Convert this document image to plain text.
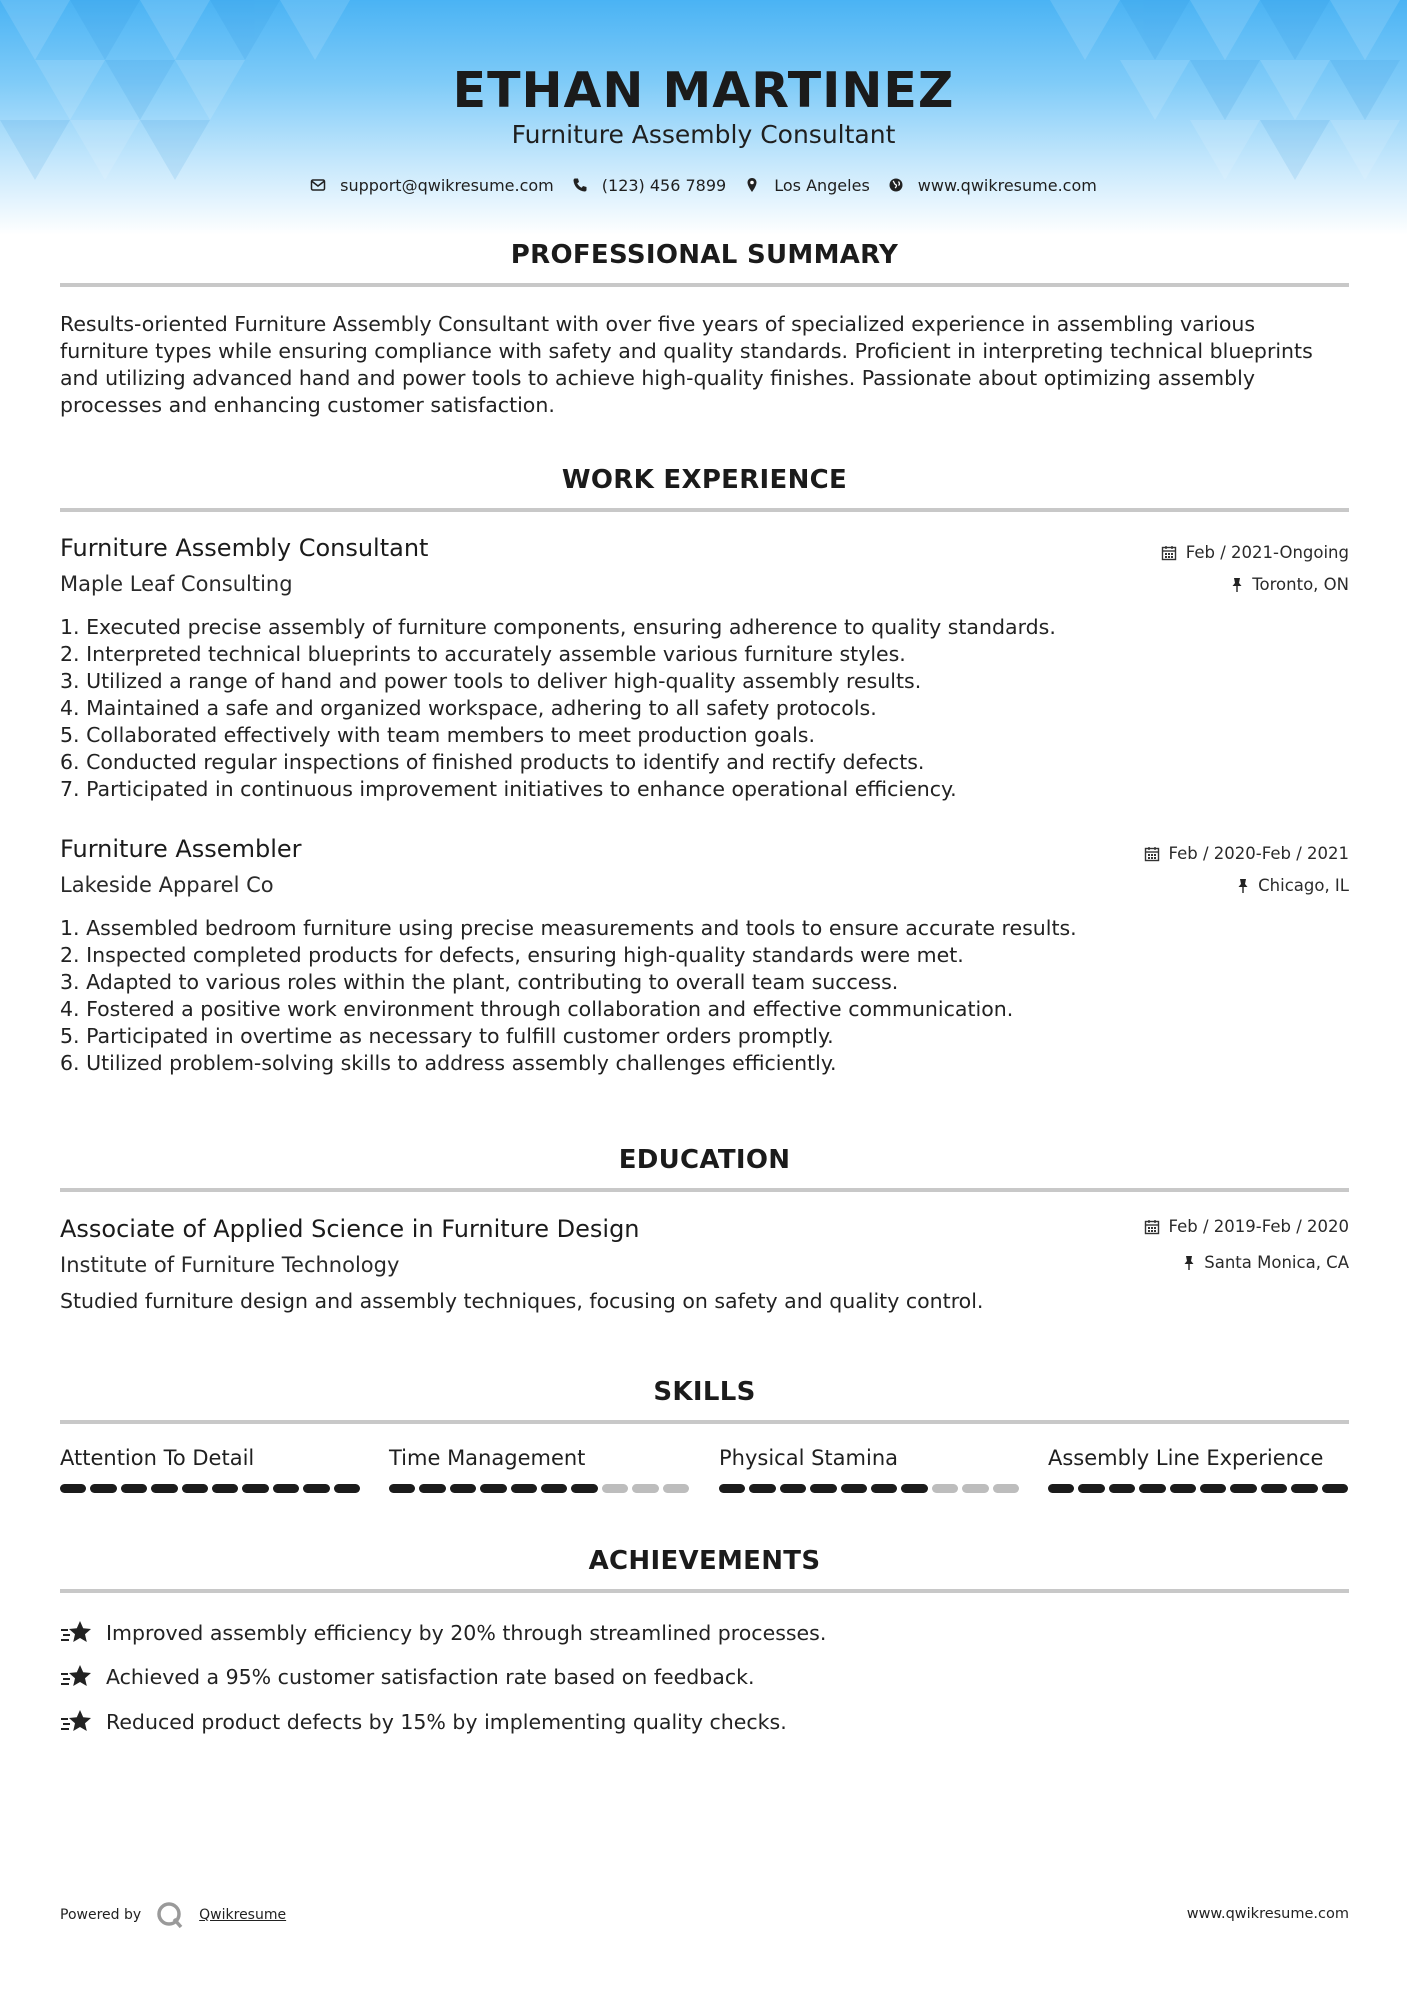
ETHAN MARTINEZ
Furniture Assembly Consultant
support@qwikresume.com	(123) 456 7899	Los Angeles	www.qwikresume.com
PROFESSIONAL SUMMARY
Results-oriented Furniture Assembly Consultant with over five years of specialized experience in assembling various furniture types while ensuring compliance with safety and quality standards. Proficient in interpreting technical blueprints and utilizing advanced hand and power tools to achieve high-quality finishes. Passionate about optimizing assembly processes and enhancing customer satisfaction.
WORK EXPERIENCE
Furniture Assembly Consultant
Maple Leaf Consulting
Feb / 2021-Ongoing
Toronto, ON
1. Executed precise assembly of furniture components, ensuring adherence to quality standards.
2. Interpreted technical blueprints to accurately assemble various furniture styles.
3. Utilized a range of hand and power tools to deliver high-quality assembly results.
4. Maintained a safe and organized workspace, adhering to all safety protocols.
5. Collaborated effectively with team members to meet production goals.
6. Conducted regular inspections of finished products to identify and rectify defects.
7. Participated in continuous improvement initiatives to enhance operational efficiency.
Furniture Assembler
Lakeside Apparel Co
Feb / 2020-Feb / 2021
Chicago, IL
1. Assembled bedroom furniture using precise measurements and tools to ensure accurate results.
2. Inspected completed products for defects, ensuring high-quality standards were met.
3. Adapted to various roles within the plant, contributing to overall team success.
4. Fostered a positive work environment through collaboration and effective communication.
5. Participated in overtime as necessary to fulfill customer orders promptly.
6. Utilized problem-solving skills to address assembly challenges efficiently.
EDUCATION
Associate of Applied Science in Furniture Design
Institute of Furniture Technology
Feb / 2019-Feb / 2020
Santa Monica, CA
Studied furniture design and assembly techniques, focusing on safety and quality control.
SKILLS
Attention To Detail	Time Management	Physical Stamina	Assembly Line Experience
ACHIEVEMENTS
Improved assembly efficiency by 20% through streamlined processes.
Achieved a 95% customer satisfaction rate based on feedback.
Reduced product defects by 15% by implementing quality checks.
Powered by	Qwikresume	www.qwikresume.com
